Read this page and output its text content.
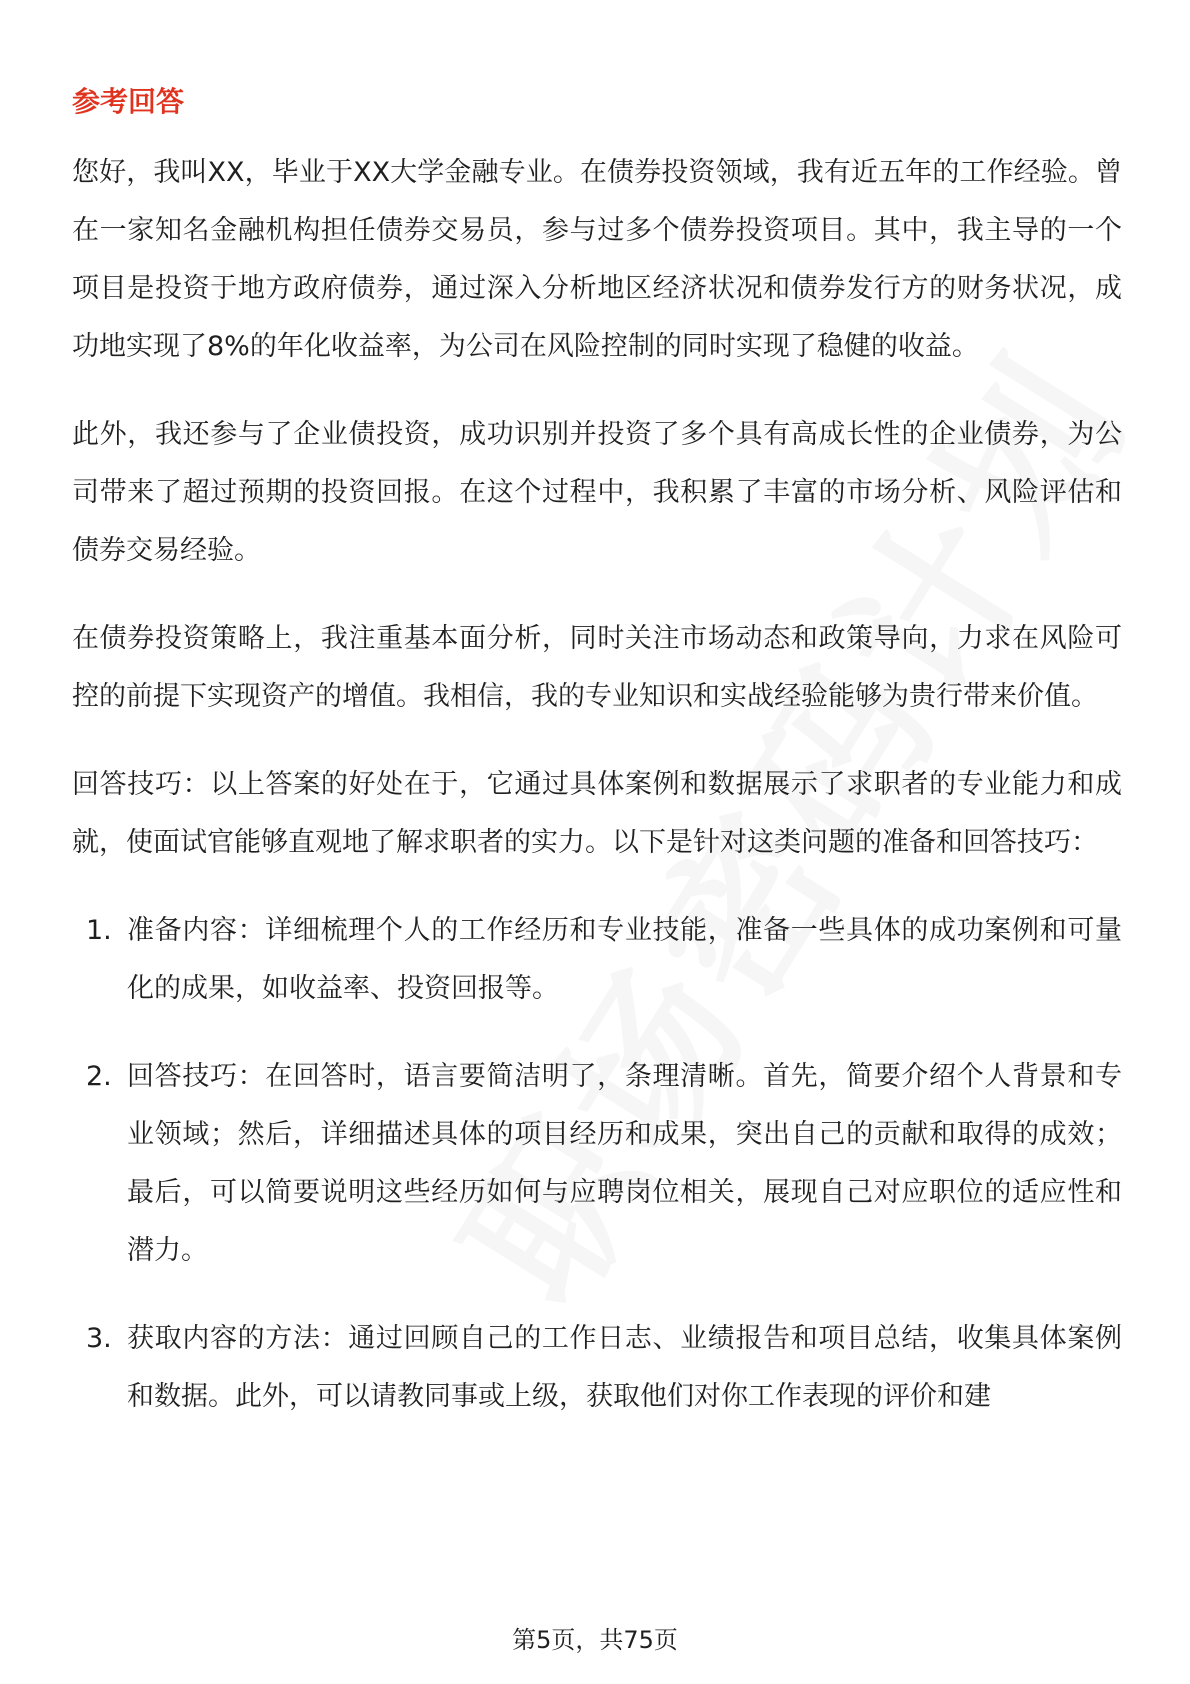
参考回答

您好，我叫XX，毕业于XX大学金融专业。在债券投资领域，我有近五年的工作经验。曾在一家知名金融机构担任债券交易员，参与过多个债券投资项目。其中，我主导的一个项目是投资于地方政府债券，通过深入分析地区经济状况和债券发行方的财务状况，成功地实现了8%的年化收益率，为公司在风险控制的同时实现了稳健的收益。

此外，我还参与了企业债投资，成功识别并投资了多个具有高成长性的企业债券，为公司带来了超过预期的投资回报。在这个过程中，我积累了丰富的市场分析、风险评估和债券交易经验。

在债券投资策略上，我注重基本面分析，同时关注市场动态和政策导向，力求在风险可控的前提下实现资产的增值。我相信，我的专业知识和实战经验能够为贵行带来价值。

回答技巧：以上答案的好处在于，它通过具体案例和数据展示了求职者的专业能力和成就，使面试官能够直观地了解求职者的实力。以下是针对这类问题的准备和回答技巧：

1. 准备内容：详细梳理个人的工作经历和专业技能，准备一些具体的成功案例和可量化的成果，如收益率、投资回报等。
2. 回答技巧：在回答时，语言要简洁明了，条理清晰。首先，简要介绍个人背景和专业领域；然后，详细描述具体的项目经历和成果，突出自己的贡献和取得的成效；最后，可以简要说明这些经历如何与应聘岗位相关，展现自己对应职位的适应性和潜力。
3. 获取内容的方法：通过回顾自己的工作日志、业绩报告和项目总结，收集具体案例和数据。此外，可以请教同事或上级，获取他们对你工作表现的评价和建
第5页，共75页
